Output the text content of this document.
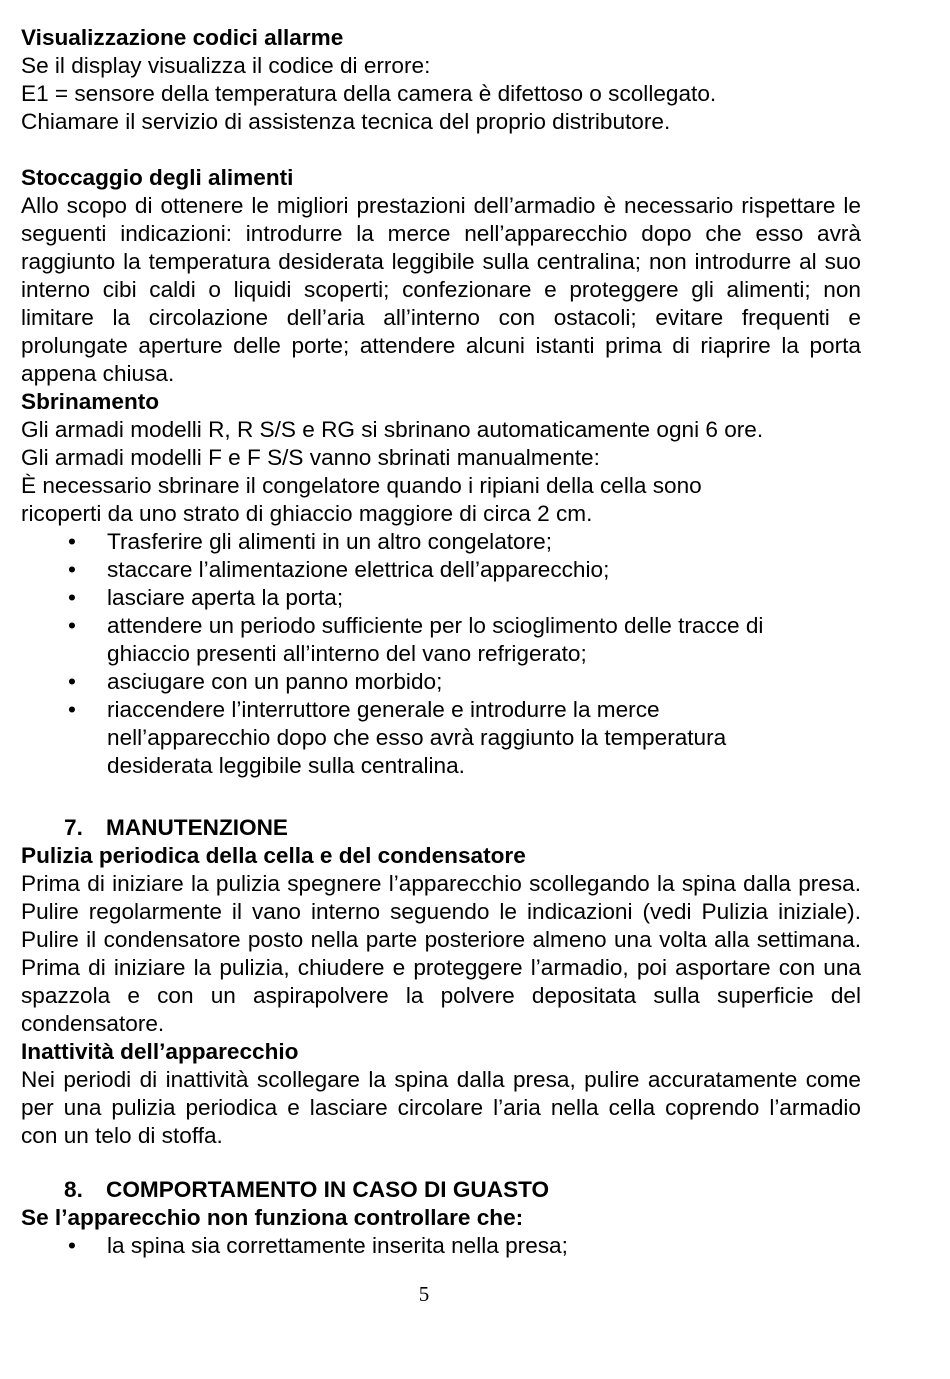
Visualizzazione codici allarme
Se il display visualizza il codice di errore:
E1 = sensore della temperatura della camera è difettoso o scollegato.
Chiamare il servizio di assistenza tecnica del proprio distributore.
Stoccaggio degli alimenti
Allo scopo di ottenere le migliori prestazioni dell’armadio è necessario rispettare le seguenti indicazioni: introdurre la merce nell’apparecchio dopo che esso avrà raggiunto la temperatura desiderata leggibile sulla centralina; non introdurre al suo interno cibi caldi o liquidi scoperti; confezionare e proteggere gli alimenti; non limitare la circolazione dell’aria all’interno con ostacoli; evitare frequenti e prolungate aperture delle porte; attendere alcuni istanti prima di riaprire la porta appena chiusa.
Sbrinamento
Gli armadi modelli R, R S/S e RG si sbrinano automaticamente ogni 6 ore.
Gli armadi modelli F e F S/S vanno sbrinati manualmente:
È necessario sbrinare il congelatore quando i ripiani della cella sono
ricoperti da uno strato di ghiaccio maggiore di circa 2 cm.
• Trasferire gli alimenti in un altro congelatore;
• staccare l’alimentazione elettrica dell’apparecchio;
• lasciare aperta la porta;
• attendere un periodo sufficiente per lo scioglimento delle tracce di ghiaccio presenti all’interno del vano refrigerato;
• asciugare con un panno morbido;
• riaccendere l’interruttore generale e introdurre la merce nell’apparecchio dopo che esso avrà raggiunto la temperatura desiderata leggibile sulla centralina.
7. MANUTENZIONE
Pulizia periodica della cella e del condensatore
Prima di iniziare la pulizia spegnere l’apparecchio scollegando la spina dalla presa. Pulire regolarmente il vano interno seguendo le indicazioni (vedi Pulizia iniziale). Pulire il condensatore posto nella parte posteriore almeno una volta alla settimana. Prima di iniziare la pulizia, chiudere e proteggere l’armadio, poi asportare con una spazzola e con un aspirapolvere la polvere depositata sulla superficie del condensatore.
Inattività dell’apparecchio
Nei periodi di inattività scollegare la spina dalla presa, pulire accuratamente come per una pulizia periodica e lasciare circolare l’aria nella cella coprendo l’armadio con un telo di stoffa.
8. COMPORTAMENTO IN CASO DI GUASTO
Se l’apparecchio non funziona controllare che:
• la spina sia correttamente inserita nella presa;
5
